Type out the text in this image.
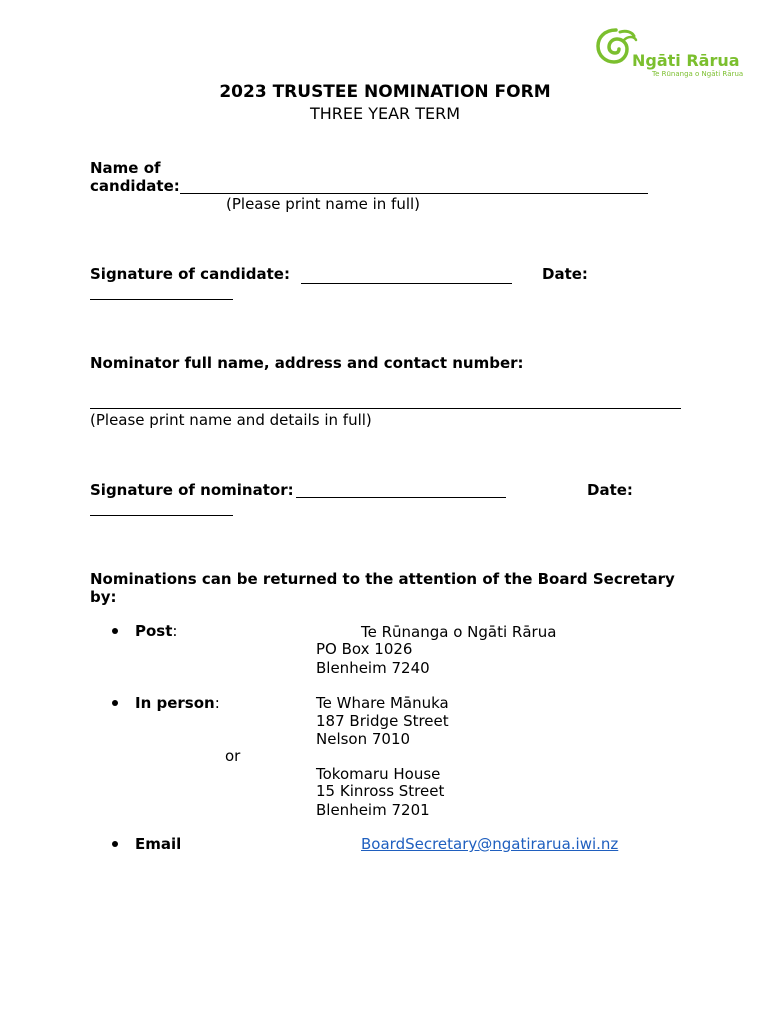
Ngāti Rārua
Te Rūnanga o Ngāti Rārua
2023 TRUSTEE NOMINATION FORM
THREE YEAR TERM
Name of
candidate:
(Please print name in full)
Signature of candidate:	Date:
Nominator full name, address and contact number:
(Please print name and details in full)
Signature of nominator:	Date:
Nominations can be returned to the attention of the Board Secretary
by:
Post:	Te Rūnanga o Ngāti Rārua
PO Box 1026
Blenheim 7240
In person:	Te Whare Mānuka
187 Bridge Street
Nelson 7010
or
Tokomaru House
15 Kinross Street
Blenheim 7201
Email	BoardSecretary@ngatirarua.iwi.nz
